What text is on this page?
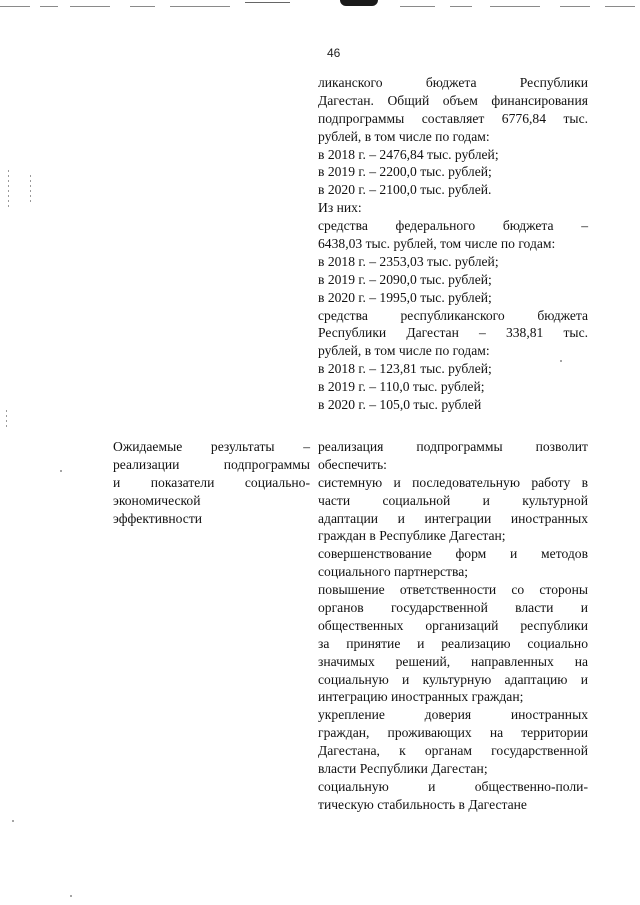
46
ликанского бюджета Республики
Дагестан. Общий объем финансирования
подпрограммы составляет 6776,84 тыс.
рублей, в том числе по годам:
в 2018 г. – 2476,84 тыс. рублей;
в 2019 г. – 2200,0 тыс. рублей;
в 2020 г. – 2100,0 тыс. рублей.
Из них:
средства федерального бюджета –
6438,03 тыс. рублей, том числе по годам:
в 2018 г. – 2353,03 тыс. рублей;
в 2019 г. – 2090,0 тыс. рублей;
в 2020 г. – 1995,0 тыс. рублей;
средства республиканского бюджета
Республики Дагестан – 338,81 тыс.
рублей, в том числе по годам:
в 2018 г. – 123,81 тыс. рублей;
в 2019 г. – 110,0 тыс. рублей;
в 2020 г. – 105,0 тыс. рублей
Ожидаемые результаты –
реализации подпрограммы
и показатели социально-
экономической
эффективности
реализация подпрограммы позволит
обеспечить:
системную и последовательную работу в
части социальной и культурной
адаптации и интеграции иностранных
граждан в Республике Дагестан;
совершенствование форм и методов
социального партнерства;
повышение ответственности со стороны
органов государственной власти и
общественных организаций республики
за принятие и реализацию социально
значимых решений, направленных на
социальную и культурную адаптацию и
интеграцию иностранных граждан;
укрепление доверия иностранных
граждан, проживающих на территории
Дагестана, к органам государственной
власти Республики Дагестан;
социальную и общественно-поли-
тическую стабильность в Дагестане
